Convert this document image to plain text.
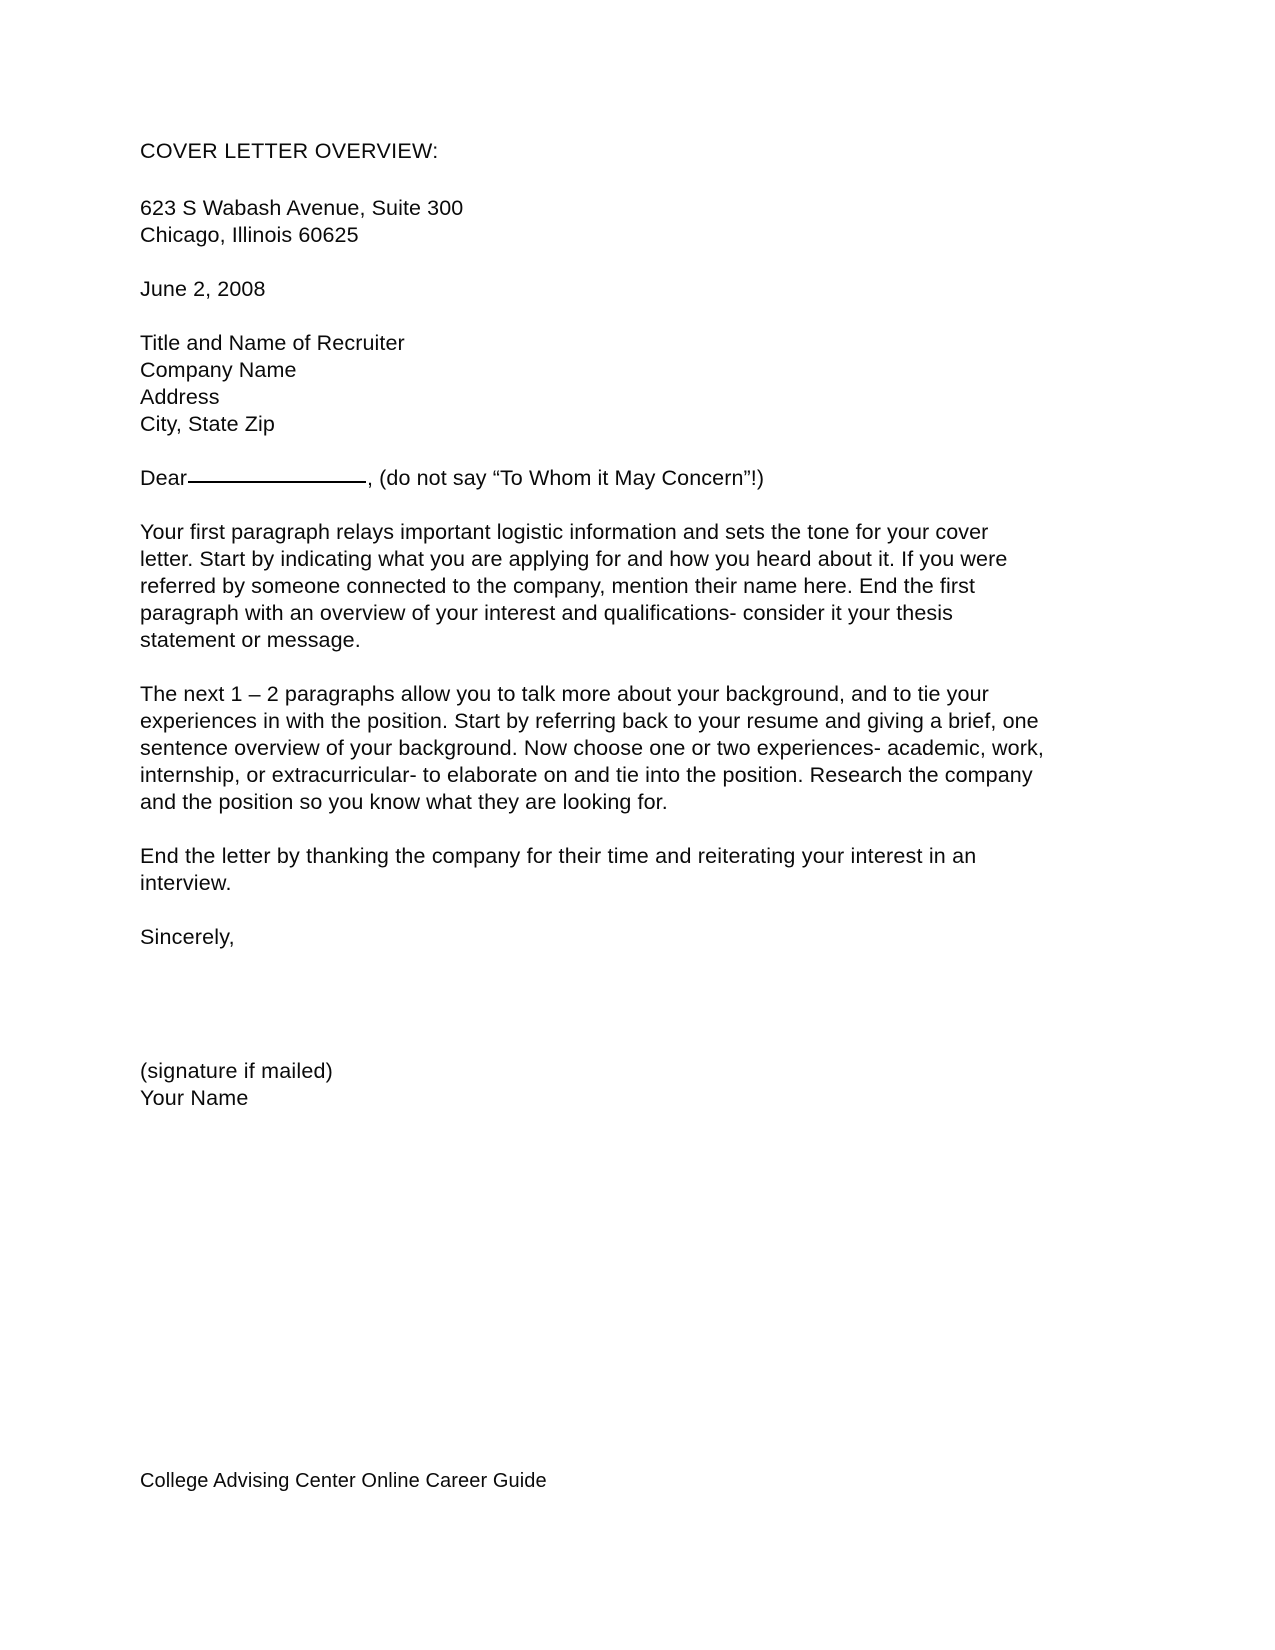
COVER LETTER OVERVIEW:
623 S Wabash Avenue, Suite 300
Chicago, Illinois 60625
June 2, 2008
Title and Name of Recruiter
Company Name
Address
City, State Zip
Dear	, (do not say “To Whom it May Concern”!)

Your first paragraph relays important logistic information and sets the tone for your cover letter. Start by indicating what you are applying for and how you heard about it. If you were referred by someone connected to the company, mention their name here. End the first paragraph with an overview of your interest and qualifications- consider it your thesis statement or message.

The next 1 – 2 paragraphs allow you to talk more about your background, and to tie your experiences in with the position. Start by referring back to your resume and giving a brief, one sentence overview of your background. Now choose one or two experiences- academic, work, internship, or extracurricular- to elaborate on and tie into the position. Research the company and the position so you know what they are looking for.

End the letter by thanking the company for their time and reiterating your interest in an interview.

Sincerely,
(signature if mailed)
Your Name
College Advising Center Online Career Guide
